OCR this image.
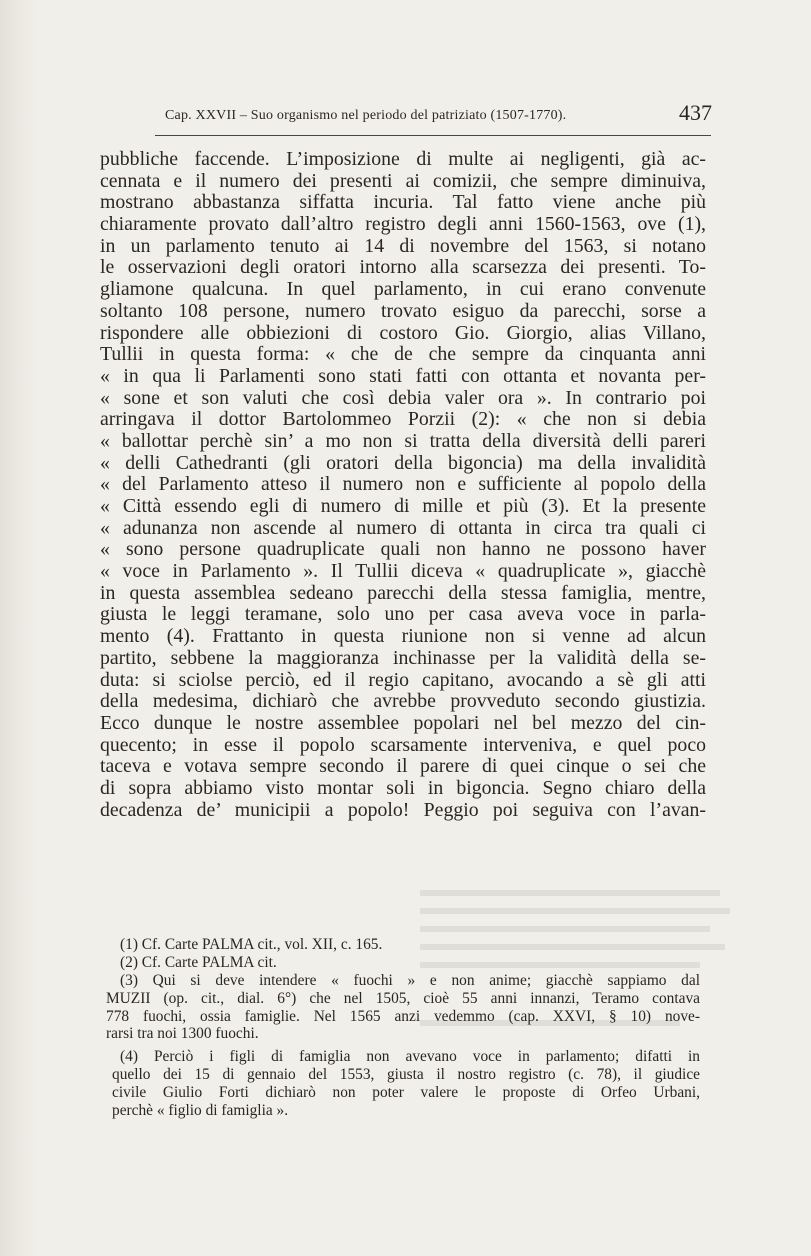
Cap. XXVII – Suo organismo nel periodo del patriziato (1507-1770).	437
pubbliche faccende. L’imposizione di multe ai negligenti, già ac-
cennata e il numero dei presenti ai comizii, che sempre diminuiva,
mostrano abbastanza siffatta incuria. Tal fatto viene anche più
chiaramente provato dall’altro registro degli anni 1560-1563, ove (1),
in un parlamento tenuto ai 14 di novembre del 1563, si notano
le osservazioni degli oratori intorno alla scarsezza dei presenti. To-
gliamone qualcuna. In quel parlamento, in cui erano convenute
soltanto 108 persone, numero trovato esiguo da parecchi, sorse a
rispondere alle obbiezioni di costoro Gio. Giorgio, alias Villano,
Tullii in questa forma: « che de che sempre da cinquanta anni
« in qua li Parlamenti sono stati fatti con ottanta et novanta per-
« sone et son valuti che così debia valer ora ». In contrario poi
arringava il dottor Bartolommeo Porzii (2): « che non si debia
« ballottar perchè sin’ a mo non si tratta della diversità delli pareri
« delli Cathedranti (gli oratori della bigoncia) ma della invalidità
« del Parlamento atteso il numero non e sufficiente al popolo della
« Città essendo egli di numero di mille et più (3). Et la presente
« adunanza non ascende al numero di ottanta in circa tra quali ci
« sono persone quadruplicate quali non hanno ne possono haver
« voce in Parlamento ». Il Tullii diceva « quadruplicate », giacchè
in questa assemblea sedeano parecchi della stessa famiglia, mentre,
giusta le leggi teramane, solo uno per casa aveva voce in parla-
mento (4). Frattanto in questa riunione non si venne ad alcun
partito, sebbene la maggioranza inchinasse per la validità della se-
duta: si sciolse perciò, ed il regio capitano, avocando a sè gli atti
della medesima, dichiarò che avrebbe provveduto secondo giustizia.
Ecco dunque le nostre assemblee popolari nel bel mezzo del cin-
quecento; in esse il popolo scarsamente interveniva, e quel poco
taceva e votava sempre secondo il parere di quei cinque o sei che
di sopra abbiamo visto montar soli in bigoncia. Segno chiaro della
decadenza de’ municipii a popolo! Peggio poi seguiva con l’avan-
(1) Cf. Carte PALMA cit., vol. XII, c. 165.
(2) Cf. Carte PALMA cit.
(3) Qui si deve intendere « fuochi » e non anime; giacchè sappiamo dal
MUZII (op. cit., dial. 6°) che nel 1505, cioè 55 anni innanzi, Teramo contava
778 fuochi, ossia famiglie. Nel 1565 anzi vedemmo (cap. XXVI, § 10) nove-
rarsi tra noi 1300 fuochi.
(4) Perciò i figli di famiglia non avevano voce in parlamento; difatti in
quello dei 15 di gennaio del 1553, giusta il nostro registro (c. 78), il giudice
civile Giulio Forti dichiarò non poter valere le proposte di Orfeo Urbani,
perchè « figlio di famiglia ».
